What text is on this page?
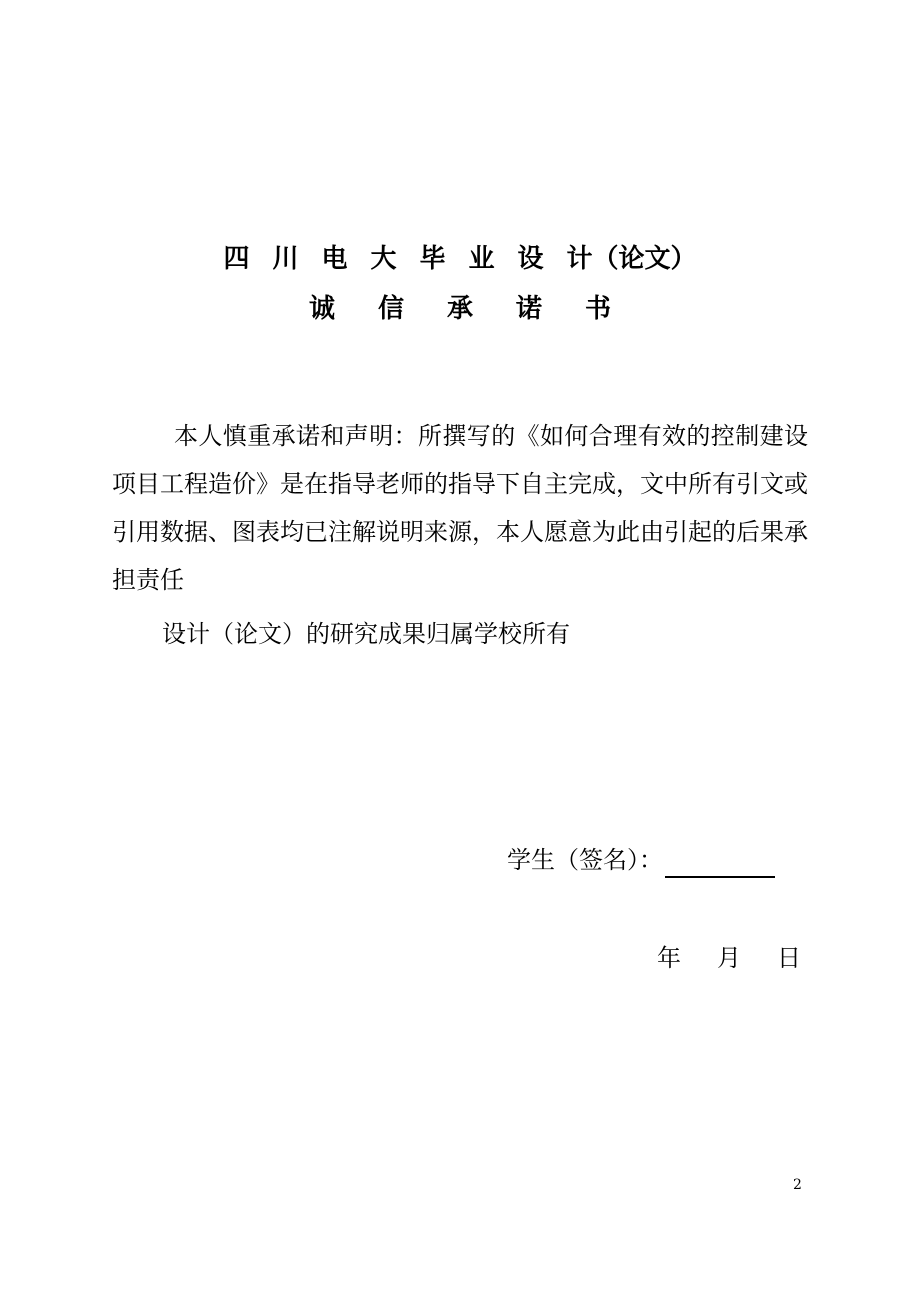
四川电大毕业设计（论文）
诚信承诺书

本人慎重承诺和声明：所撰写的《如何合理有效的控制建设项目工程造价》是在指导老师的指导下自主完成，文中所有引文或引用数据、图表均已注解说明来源，本人愿意为此由引起的后果承担责任

设计（论文）的研究成果归属学校所有

学生（签名）：
年 月 日
2
